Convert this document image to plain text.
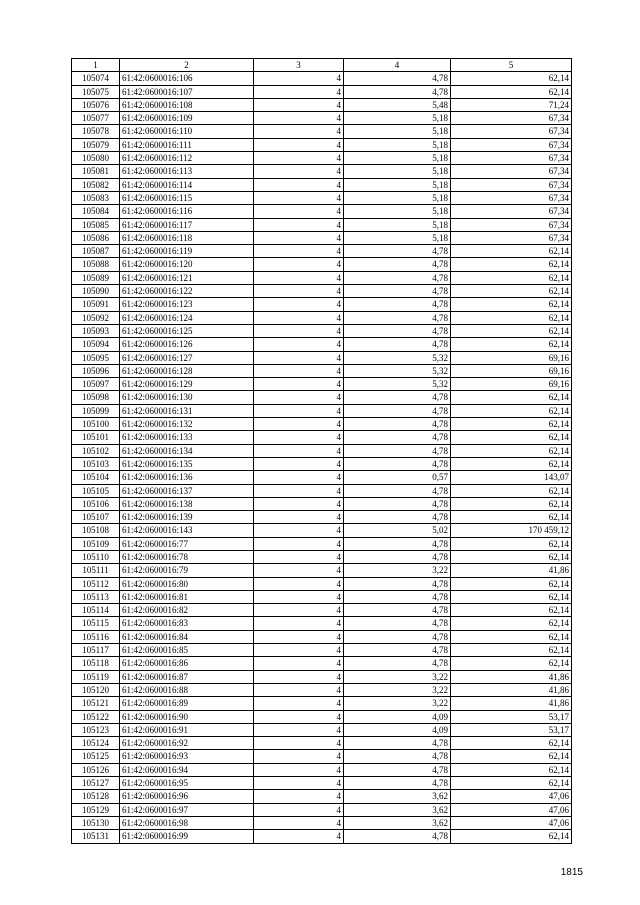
1	2	3	4	5
105074	61:42:0600016:106	4	4,78	62,14
105075	61:42:0600016:107	4	4,78	62,14
105076	61:42:0600016:108	4	5,48	71,24
105077	61:42:0600016:109	4	5,18	67,34
105078	61:42:0600016:110	4	5,18	67,34
105079	61:42:0600016:111	4	5,18	67,34
105080	61:42:0600016:112	4	5,18	67,34
105081	61:42:0600016:113	4	5,18	67,34
105082	61:42:0600016:114	4	5,18	67,34
105083	61:42:0600016:115	4	5,18	67,34
105084	61:42:0600016:116	4	5,18	67,34
105085	61:42:0600016:117	4	5,18	67,34
105086	61:42:0600016:118	4	5,18	67,34
105087	61:42:0600016:119	4	4,78	62,14
105088	61:42:0600016:120	4	4,78	62,14
105089	61:42:0600016:121	4	4,78	62,14
105090	61:42:0600016:122	4	4,78	62,14
105091	61:42:0600016:123	4	4,78	62,14
105092	61:42:0600016:124	4	4,78	62,14
105093	61:42:0600016:125	4	4,78	62,14
105094	61:42:0600016:126	4	4,78	62,14
105095	61:42:0600016:127	4	5,32	69,16
105096	61:42:0600016:128	4	5,32	69,16
105097	61:42:0600016:129	4	5,32	69,16
105098	61:42:0600016:130	4	4,78	62,14
105099	61:42:0600016:131	4	4,78	62,14
105100	61:42:0600016:132	4	4,78	62,14
105101	61:42:0600016:133	4	4,78	62,14
105102	61:42:0600016:134	4	4,78	62,14
105103	61:42:0600016:135	4	4,78	62,14
105104	61:42:0600016:136	4	0,57	143,07
105105	61:42:0600016:137	4	4,78	62,14
105106	61:42:0600016:138	4	4,78	62,14
105107	61:42:0600016:139	4	4,78	62,14
105108	61:42:0600016:143	4	5,02	170 459,12
105109	61:42:0600016:77	4	4,78	62,14
105110	61:42:0600016:78	4	4,78	62,14
105111	61:42:0600016:79	4	3,22	41,86
105112	61:42:0600016:80	4	4,78	62,14
105113	61:42:0600016:81	4	4,78	62,14
105114	61:42:0600016:82	4	4,78	62,14
105115	61:42:0600016:83	4	4,78	62,14
105116	61:42:0600016:84	4	4,78	62,14
105117	61:42:0600016:85	4	4,78	62,14
105118	61:42:0600016:86	4	4,78	62,14
105119	61:42:0600016:87	4	3,22	41,86
105120	61:42:0600016:88	4	3,22	41,86
105121	61:42:0600016:89	4	3,22	41,86
105122	61:42:0600016:90	4	4,09	53,17
105123	61:42:0600016:91	4	4,09	53,17
105124	61:42:0600016:92	4	4,78	62,14
105125	61:42:0600016:93	4	4,78	62,14
105126	61:42:0600016:94	4	4,78	62,14
105127	61:42:0600016:95	4	4,78	62,14
105128	61:42:0600016:96	4	3,62	47,06
105129	61:42:0600016:97	4	3,62	47,06
105130	61:42:0600016:98	4	3,62	47,06
105131	61:42:0600016:99	4	4,78	62,14
1815
